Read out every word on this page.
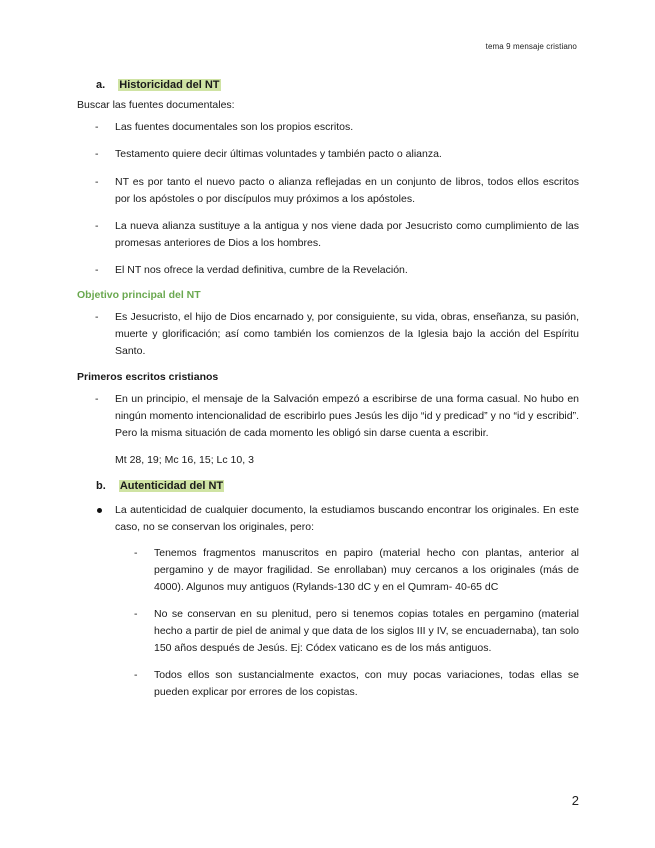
tema 9 mensaje cristiano
a. Historicidad del NT
Buscar las fuentes documentales:
- Las fuentes documentales son los propios escritos.
- Testamento quiere decir últimas voluntades y también pacto o alianza.
- NT es por tanto el nuevo pacto o alianza reflejadas en un conjunto de libros, todos ellos escritos por los apóstoles o por discípulos muy próximos a los apóstoles.
- La nueva alianza sustituye a la antigua y nos viene dada por Jesucristo como cumplimiento de las promesas anteriores de Dios a los hombres.
- El NT nos ofrece la verdad definitiva, cumbre de la Revelación.
Objetivo principal del NT
- Es Jesucristo, el hijo de Dios encarnado y, por consiguiente, su vida, obras, enseñanza, su pasión, muerte y glorificación; así como también los comienzos de la Iglesia bajo la acción del Espíritu Santo.
Primeros escritos cristianos
- En un principio, el mensaje de la Salvación empezó a escribirse de una forma casual. No hubo en ningún momento intencionalidad de escribirlo pues Jesús les dijo “id y predicad” y no “id y escribid”. Pero la misma situación de cada momento les obligó sin darse cuenta a escribir.
Mt 28, 19; Mc 16, 15; Lc 10, 3
b. Autenticidad del NT
La autenticidad de cualquier documento, la estudiamos buscando encontrar los originales. En este caso, no se conservan los originales, pero:
- Tenemos fragmentos manuscritos en papiro (material hecho con plantas, anterior al pergamino y de mayor fragilidad. Se enrollaban) muy cercanos a los originales (más de 4000). Algunos muy antiguos (Rylands-130 dC y en el Qumram- 40-65 dC
- No se conservan en su plenitud, pero si tenemos copias totales en pergamino (material hecho a partir de piel de animal y que data de los siglos III y IV, se encuadernaba), tan solo 150 años después de Jesús. Ej: Códex vaticano es de los más antiguos.
- Todos ellos son sustancialmente exactos, con muy pocas variaciones, todas ellas se pueden explicar por errores de los copistas.
2
